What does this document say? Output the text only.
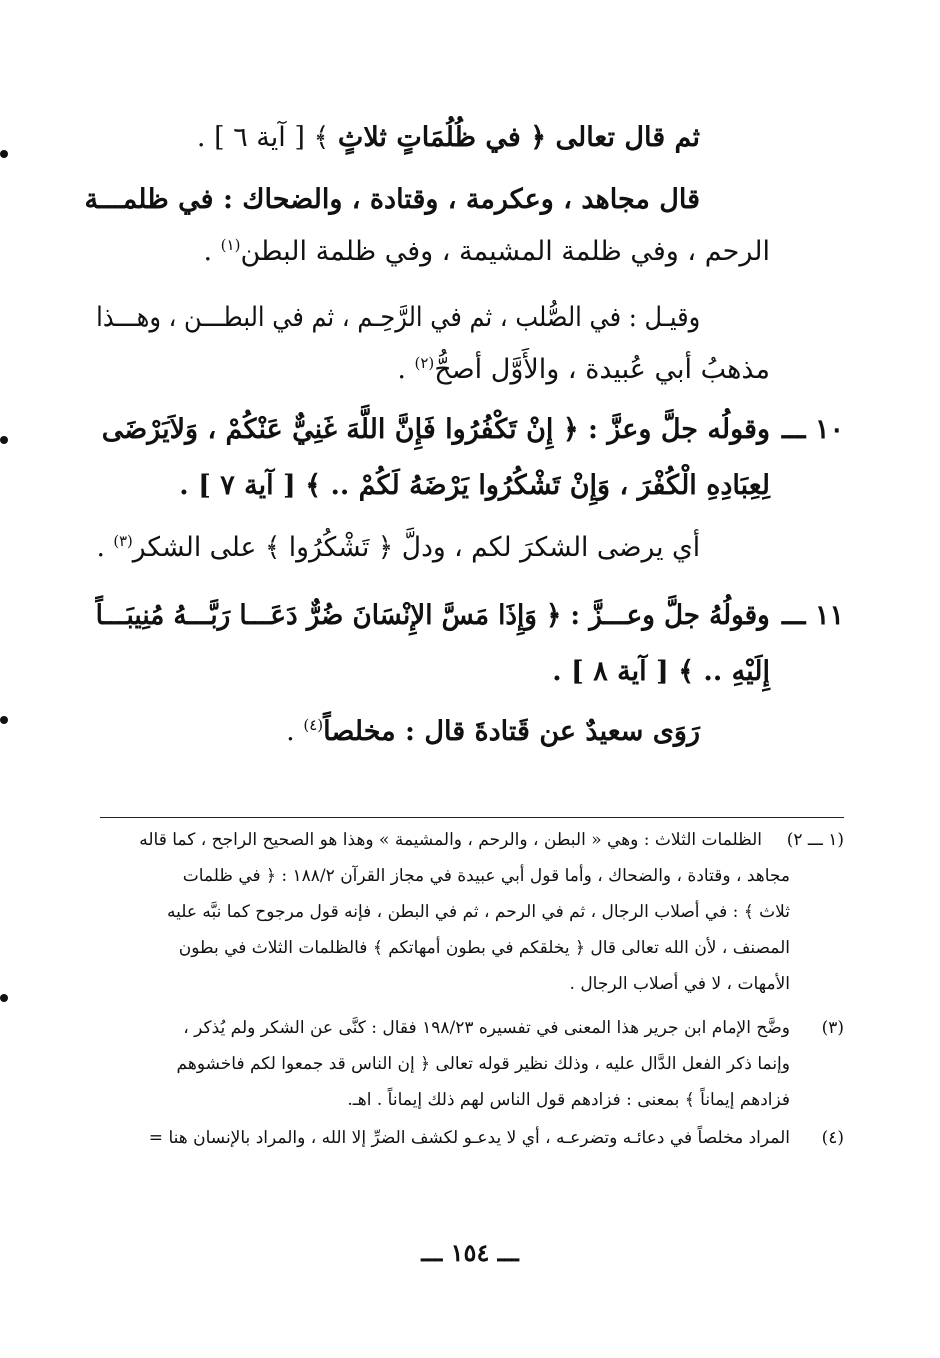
ثم قال تعالى ﴿ في ظُلُمَاتٍ ثلاثٍ ﴾ [ آية ٦ ] .
قال مجاهد ، وعكرمة ، وقتادة ، والضحاك : في ظلمـــة
الرحم ، وفي ظلمة المشيمة ، وفي ظلمة البطن$^{(١)}$ .
وقيـل : في الصُّلب ، ثم في الرَّحِـم ، ثم في البطـــن ، وهـــذا
مذهبُ أبي عُبيدة ، والأَوَّل أصحُّ$^{(٢)}$ .
١٠ ـــ
وقولُه جلَّ وعزَّ : ﴿ إِنْ تَكْفُرُوا فَإِنَّ اللَّهَ غَنِيٌّ عَنْكُمْ ، وَلاَيَرْضَى
لِعِبَادِهِ الْكُفْرَ ، وَإِنْ تَشْكُرُوا يَرْضَهُ لَكُمْ .. ﴾ [ آية ٧ ] .
أي يرضى الشكرَ لكم ، ودلَّ ﴿ تَشْكُرُوا ﴾ على الشكر$^{(٣)}$ .
١١ ـــ
وقولُهُ جلَّ وعـــزَّ : ﴿ وَإِذَا مَسَّ الإِنْسَانَ ضُرٌّ دَعَـــا رَبَّـــهُ مُنِيبَـــاً
إِلَيْهِ .. ﴾ [ آية ٨ ] .
رَوَى سعيدٌ عن قَتادةَ قال : مخلصاً$^{(٤)}$ .
(١ ـــ ٢)
الظلمات الثلاث : وهي « البطن ، والرحم ، والمشيمة » وهذا هو الصحيح الراجح ، كما قاله
مجاهد ، وقتادة ، والضحاك ، وأما قول أبي عبيدة في مجاز القرآن ١٨٨/٢ : ﴿ في ظلمات
ثلاث ﴾ : في أصلاب الرجال ، ثم في الرحم ، ثم في البطن ، فإنه قول مرجوح كما نبَّه عليه
المصنف ، لأن الله تعالى قال ﴿ يخلقكم في بطون أمهاتكم ﴾ فالظلمات الثلاث في بطون
الأمهات ، لا في أصلاب الرجال .
(٣)
وضَّح الإمام ابن جرير هذا المعنى في تفسيره ١٩٨/٢٣ فقال : كنَّى عن الشكر ولم يُذكر ،
وإنما ذكر الفعل الدَّال عليه ، وذلك نظير قوله تعالى ﴿ إن الناس قد جمعوا لكم فاخشوهم
فزادهم إيماناً ﴾ بمعنى : فزادهم قول الناس لهم ذلك إيماناً . اهـ.
(٤)
المراد مخلصاً في دعائـه وتضرعـه ، أي لا يدعـو لكشف الضرِّ إلا الله ، والمراد بالإنسان هنا =
ـــ ١٥٤ ـــ
